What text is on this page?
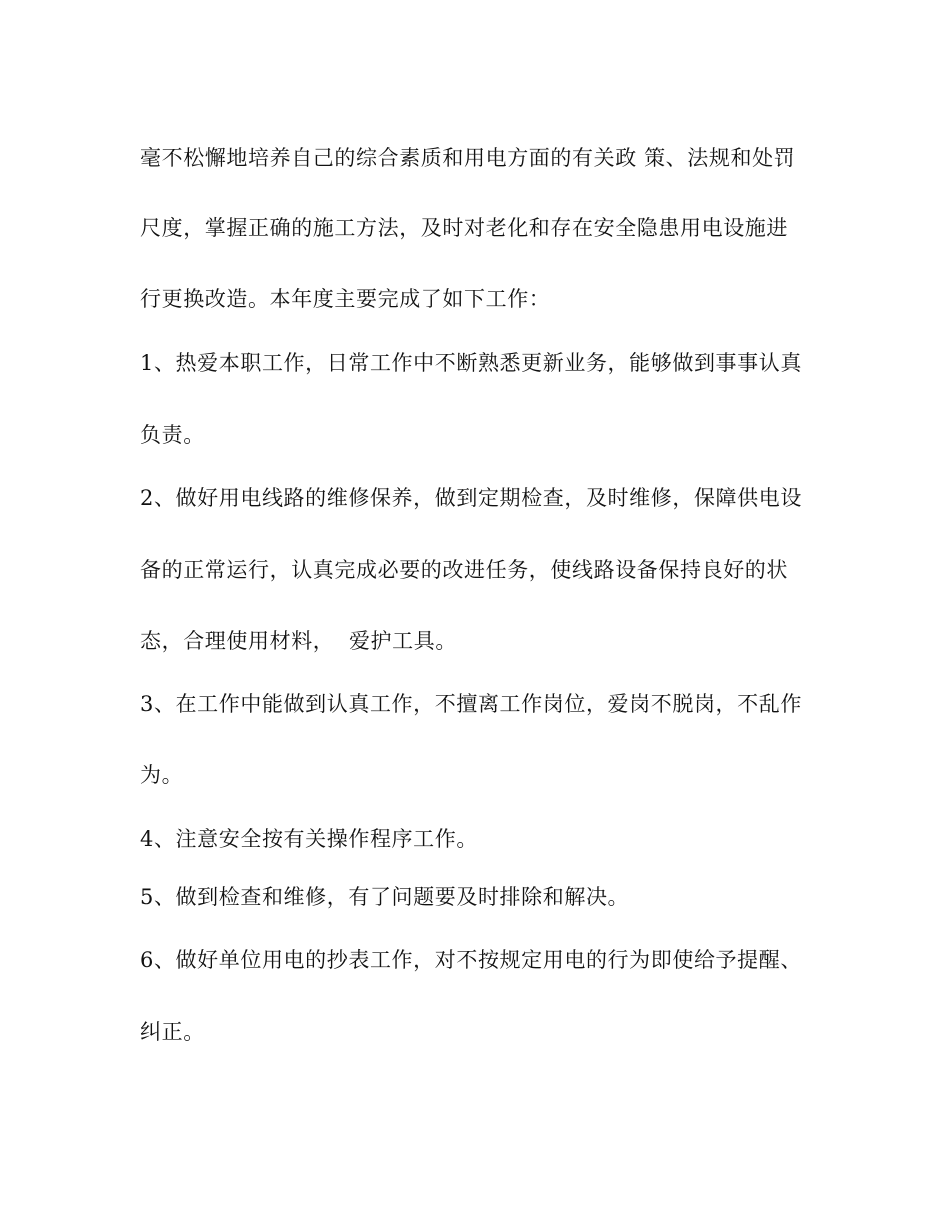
毫不松懈地培养自己的综合素质和用电方面的有关政 策、法规和处罚
尺度，掌握正确的施工方法，及时对老化和存在安全隐患用电设施进
行更换改造。本年度主要完成了如下工作：
1、热爱本职工作，日常工作中不断熟悉更新业务，能够做到事事认真
负责。
2、做好用电线路的维修保养，做到定期检查，及时维修，保障供电设
备的正常运行，认真完成必要的改进任务，使线路设备保持良好的状
态，合理使用材料，  爱护工具。
3、在工作中能做到认真工作，不擅离工作岗位，爱岗不脱岗，不乱作
为。
4、注意安全按有关操作程序工作。
5、做到检查和维修，有了问题要及时排除和解决。
6、做好单位用电的抄表工作，对不按规定用电的行为即使给予提醒、
纠正。
